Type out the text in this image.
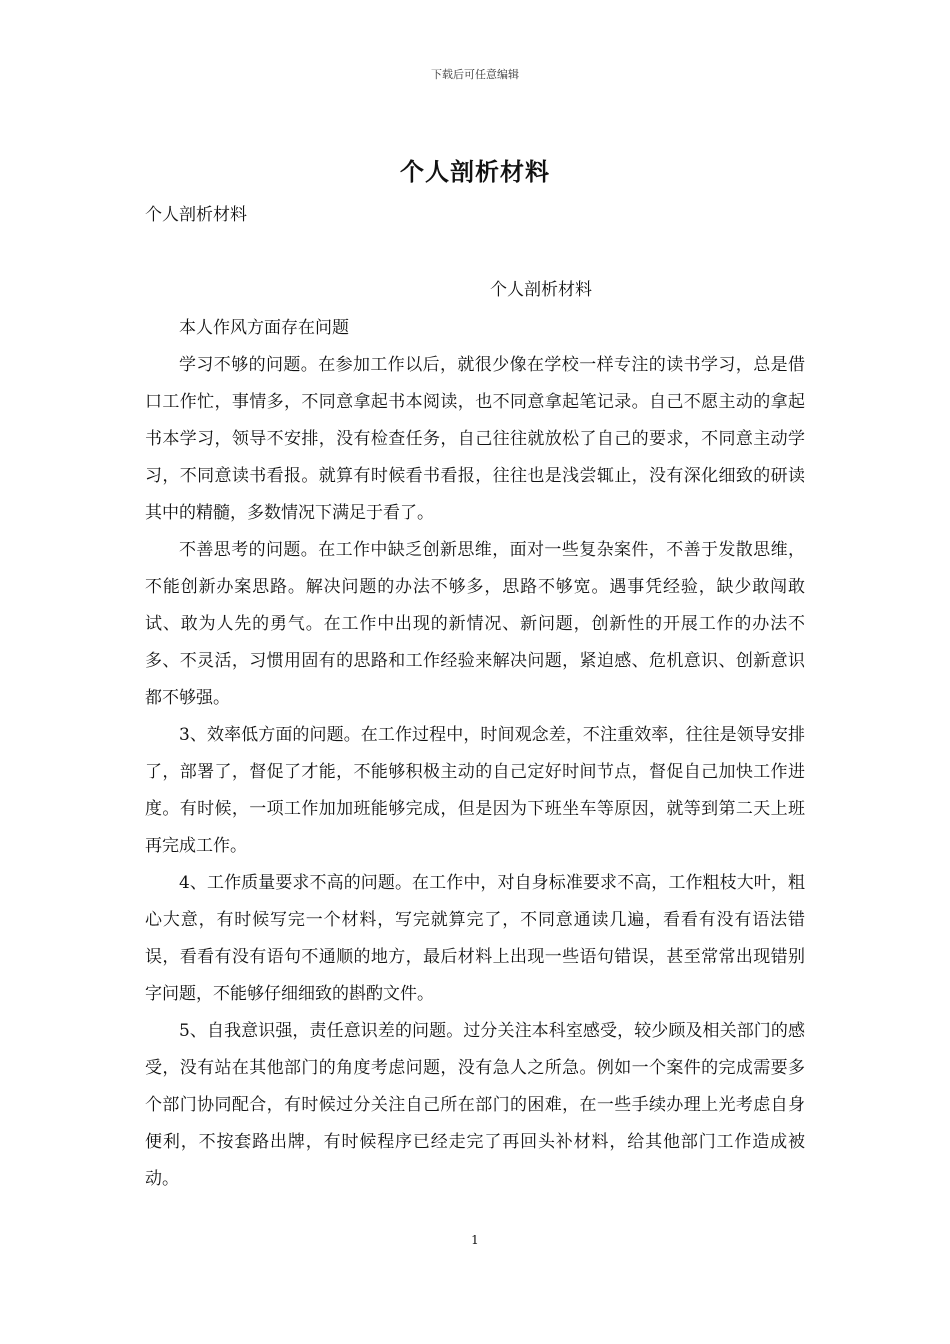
下载后可任意编辑
个人剖析材料
个人剖析材料
个人剖析材料

本人作风方面存在问题

学习不够的问题。在参加工作以后，就很少像在学校一样专注的读书学习，总是借口工作忙，事情多，不同意拿起书本阅读，也不同意拿起笔记录。自己不愿主动的拿起书本学习，领导不安排，没有检查任务，自己往往就放松了自己的要求，不同意主动学习，不同意读书看报。就算有时候看书看报，往往也是浅尝辄止，没有深化细致的研读其中的精髓，多数情况下满足于看了。

不善思考的问题。在工作中缺乏创新思维，面对一些复杂案件，不善于发散思维，不能创新办案思路。解决问题的办法不够多，思路不够宽。遇事凭经验，缺少敢闯敢试、敢为人先的勇气。在工作中出现的新情况、新问题，创新性的开展工作的办法不多、不灵活，习惯用固有的思路和工作经验来解决问题，紧迫感、危机意识、创新意识都不够强。

3、效率低方面的问题。在工作过程中，时间观念差，不注重效率，往往是领导安排了，部署了，督促了才能，不能够积极主动的自己定好时间节点，督促自己加快工作进度。有时候，一项工作加加班能够完成，但是因为下班坐车等原因，就等到第二天上班再完成工作。

4、工作质量要求不高的问题。在工作中，对自身标准要求不高，工作粗枝大叶，粗心大意，有时候写完一个材料，写完就算完了，不同意通读几遍，看看有没有语法错误，看看有没有语句不通顺的地方，最后材料上出现一些语句错误，甚至常常出现错别字问题，不能够仔细细致的斟酌文件。

5、自我意识强，责任意识差的问题。过分关注本科室感受，较少顾及相关部门的感受，没有站在其他部门的角度考虑问题，没有急人之所急。例如一个案件的完成需要多个部门协同配合，有时候过分关注自己所在部门的困难，在一些手续办理上光考虑自身便利，不按套路出牌，有时候程序已经走完了再回头补材料，给其他部门工作造成被动。

1
